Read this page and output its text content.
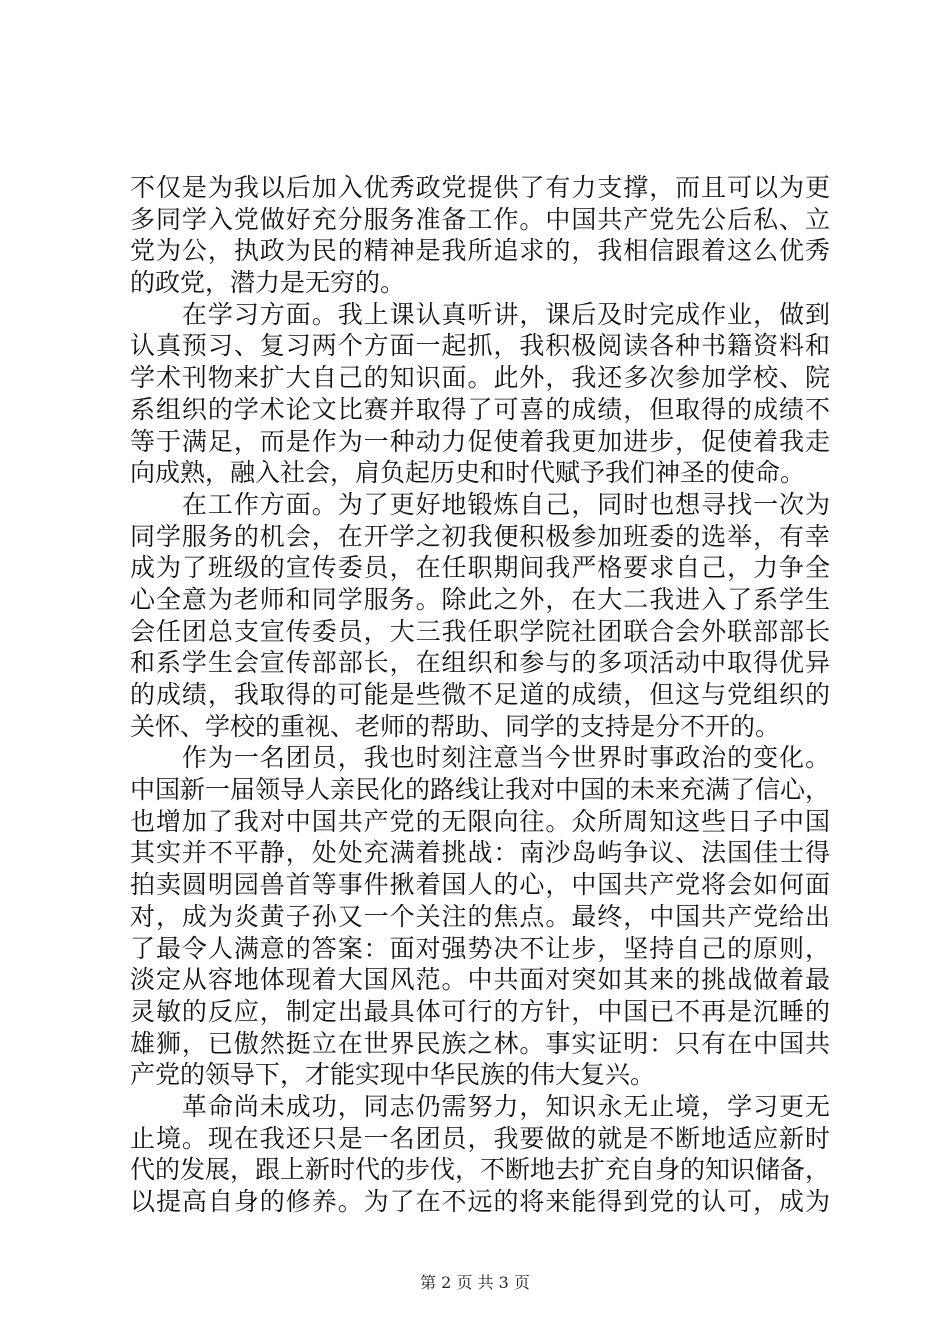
不仅是为我以后加入优秀政党提供了有力支撑，而且可以为更
多同学入党做好充分服务准备工作。中国共产党先公后私、立
党为公，执政为民的精神是我所追求的，我相信跟着这么优秀
的政党，潜力是无穷的。
　　在学习方面。我上课认真听讲，课后及时完成作业，做到
认真预习、复习两个方面一起抓，我积极阅读各种书籍资料和
学术刊物来扩大自己的知识面。此外，我还多次参加学校、院
系组织的学术论文比赛并取得了可喜的成绩，但取得的成绩不
等于满足，而是作为一种动力促使着我更加进步，促使着我走
向成熟，融入社会，肩负起历史和时代赋予我们神圣的使命。
　　在工作方面。为了更好地锻炼自己，同时也想寻找一次为
同学服务的机会，在开学之初我便积极参加班委的选举，有幸
成为了班级的宣传委员，在任职期间我严格要求自己，力争全
心全意为老师和同学服务。除此之外，在大二我进入了系学生
会任团总支宣传委员，大三我任职学院社团联合会外联部部长
和系学生会宣传部部长，在组织和参与的多项活动中取得优异
的成绩，我取得的可能是些微不足道的成绩，但这与党组织的
关怀、学校的重视、老师的帮助、同学的支持是分不开的。
　　作为一名团员，我也时刻注意当今世界时事政治的变化。
中国新一届领导人亲民化的路线让我对中国的未来充满了信心，
也增加了我对中国共产党的无限向往。众所周知这些日子中国
其实并不平静，处处充满着挑战：南沙岛屿争议、法国佳士得
拍卖圆明园兽首等事件揪着国人的心，中国共产党将会如何面
对，成为炎黄子孙又一个关注的焦点。最终，中国共产党给出
了最令人满意的答案：面对强势决不让步，坚持自己的原则，
淡定从容地体现着大国风范。中共面对突如其来的挑战做着最
灵敏的反应，制定出最具体可行的方针，中国已不再是沉睡的
雄狮，已傲然挺立在世界民族之林。事实证明：只有在中国共
产党的领导下，才能实现中华民族的伟大复兴。
　　革命尚未成功，同志仍需努力，知识永无止境，学习更无
止境。现在我还只是一名团员，我要做的就是不断地适应新时
代的发展，跟上新时代的步伐，不断地去扩充自身的知识储备，
以提高自身的修养。为了在不远的将来能得到党的认可，成为
第 2 页 共 3 页
